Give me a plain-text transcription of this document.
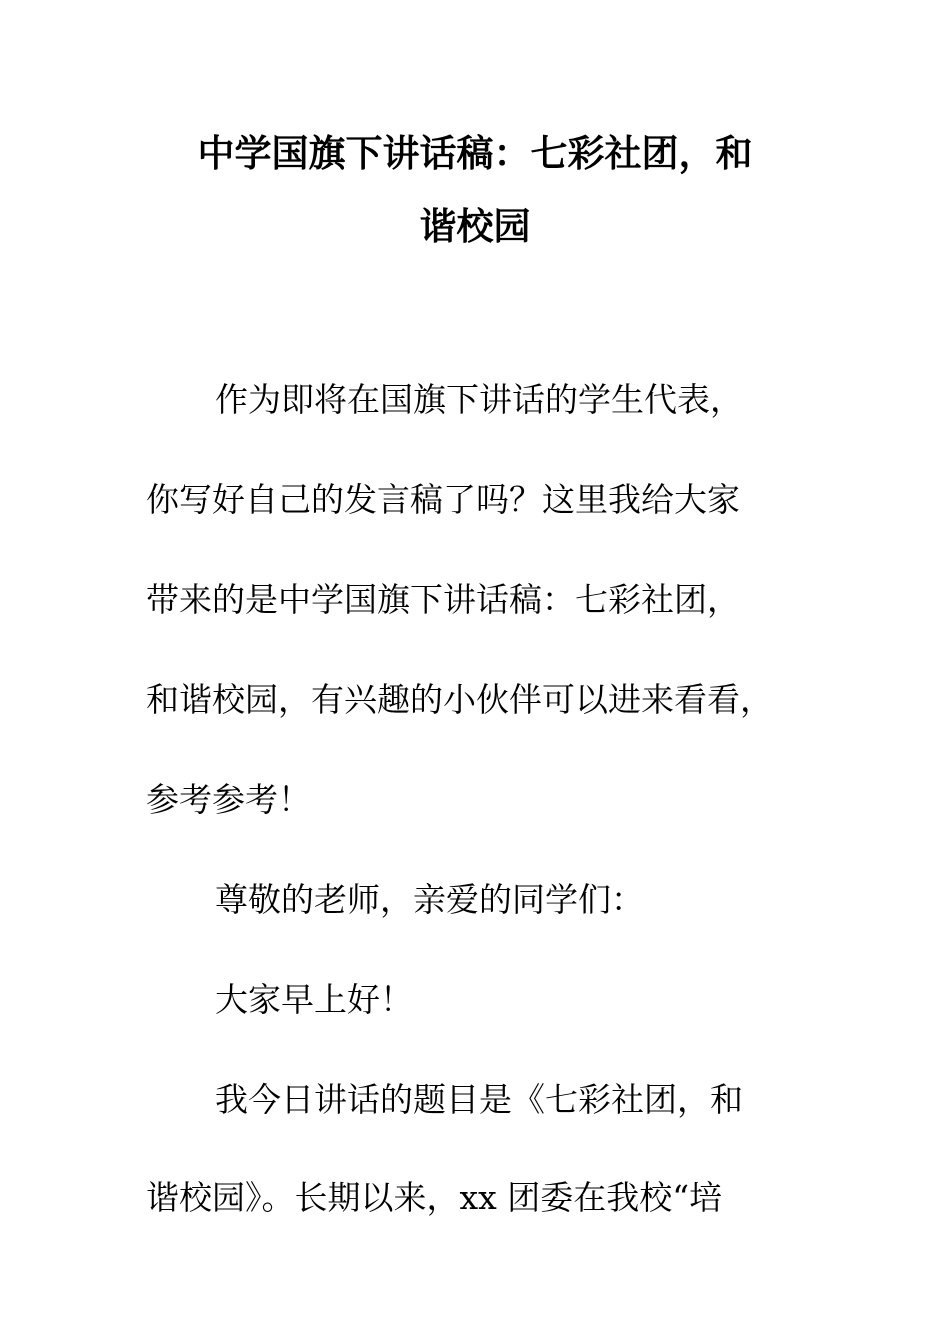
中学国旗下讲话稿：七彩社团，和
谐校园
作为即将在国旗下讲话的学生代表，
你写好自己的发言稿了吗？这里我给大家
带来的是中学国旗下讲话稿：七彩社团，
和谐校园，有兴趣的小伙伴可以进来看看，
参考参考！
尊敬的老师，亲爱的同学们：
大家早上好！
我今日讲话的题目是《七彩社团，和
谐校园》。长期以来，xx 团委在我校“培
